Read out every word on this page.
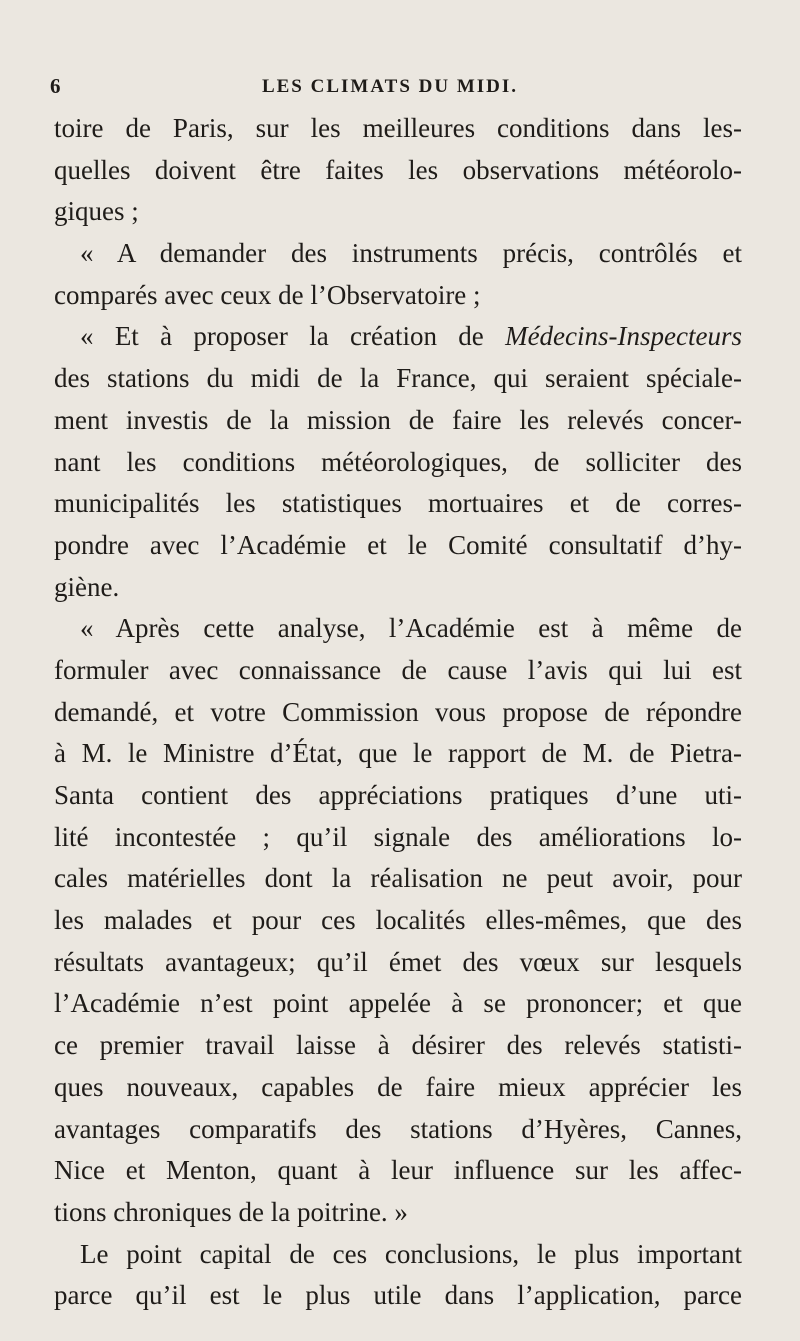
6	LES CLIMATS DU MIDI.
toire de Paris, sur les meilleures conditions dans les-
quelles doivent être faites les observations météorolo-
giques ;
« A demander des instruments précis, contrôlés et
comparés avec ceux de l’Observatoire ;
« Et à proposer la création de Médecins-Inspecteurs
des stations du midi de la France, qui seraient spéciale-
ment investis de la mission de faire les relevés concer-
nant les conditions météorologiques, de solliciter des
municipalités les statistiques mortuaires et de corres-
pondre avec l’Académie et le Comité consultatif d’hy-
giène.
« Après cette analyse, l’Académie est à même de
formuler avec connaissance de cause l’avis qui lui est
demandé, et votre Commission vous propose de répondre
à M. le Ministre d’État, que le rapport de M. de Pietra-
Santa contient des appréciations pratiques d’une uti-
lité incontestée ; qu’il signale des améliorations lo-
cales matérielles dont la réalisation ne peut avoir, pour
les malades et pour ces localités elles-mêmes, que des
résultats avantageux; qu’il émet des vœux sur lesquels
l’Académie n’est point appelée à se prononcer; et que
ce premier travail laisse à désirer des relevés statisti-
ques nouveaux, capables de faire mieux apprécier les
avantages comparatifs des stations d’Hyères, Cannes,
Nice et Menton, quant à leur influence sur les affec-
tions chroniques de la poitrine. »
Le point capital de ces conclusions, le plus important
parce qu’il est le plus utile dans l’application, parce
